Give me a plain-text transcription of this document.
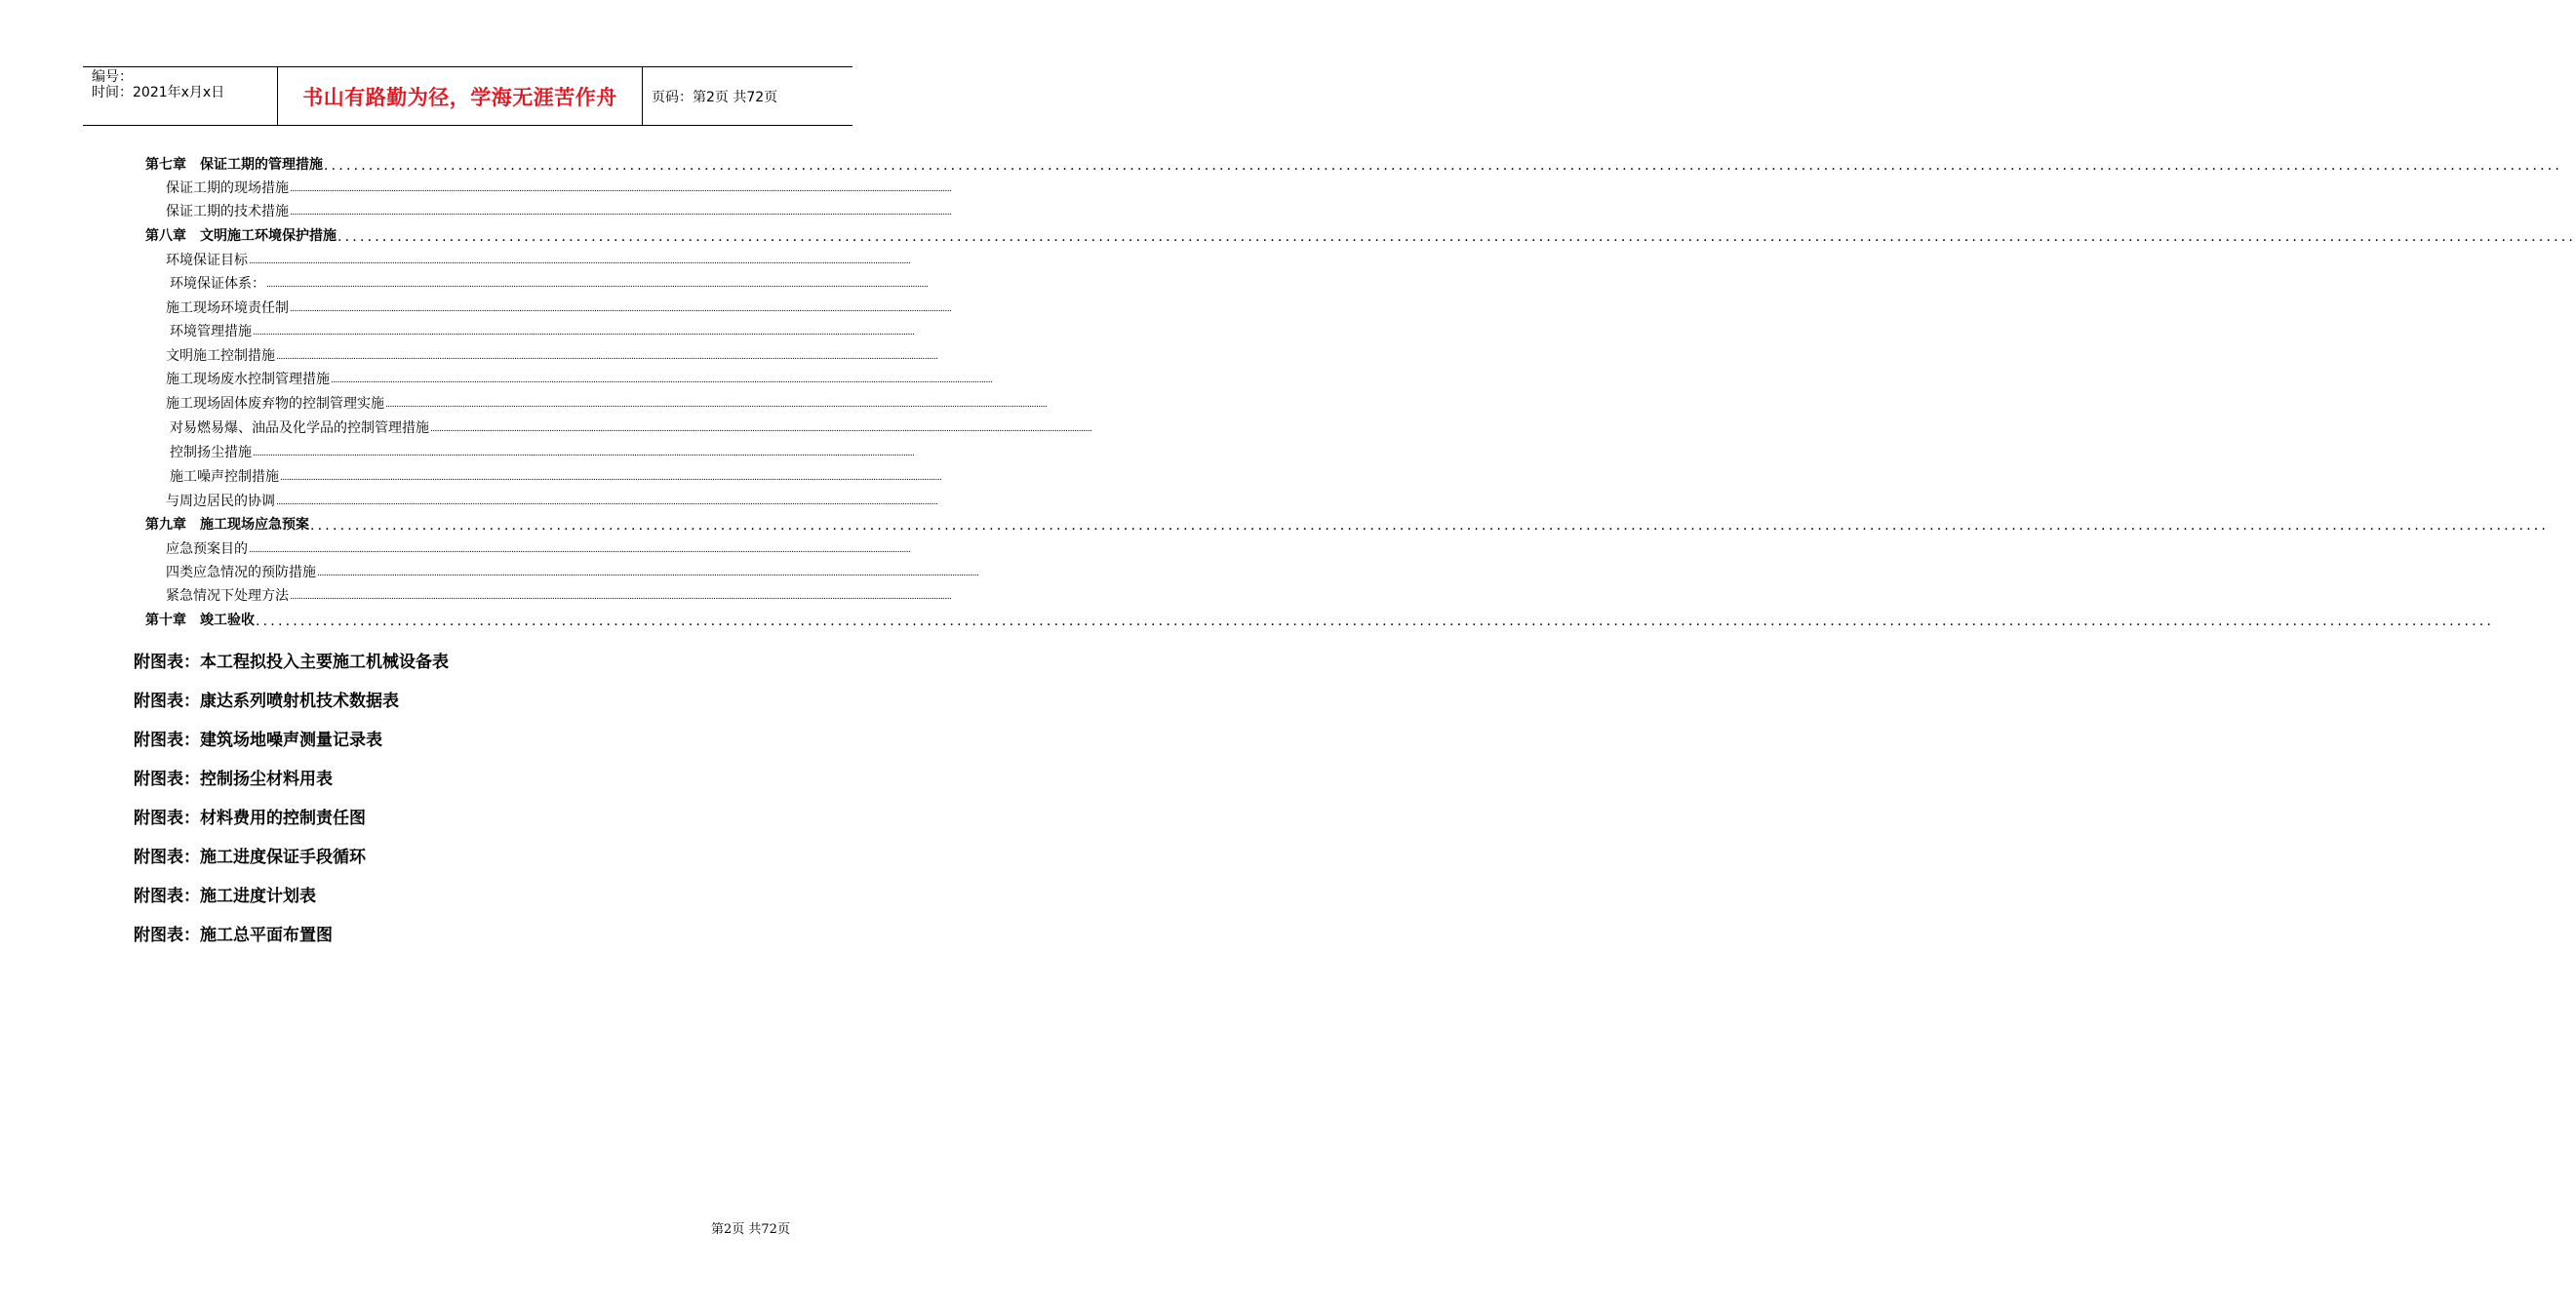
编号：
时间：2021年x月x日	书山有路勤为径，学海无涯苦作舟	页码：第2页 共72页
第七章　保证工期的管理措施 ............................................................................................................................................................................................................................................................................................................
保证工期的现场措施 ............................................................................................................................................................................................................................................................................................................
保证工期的技术措施 ............................................................................................................................................................................................................................................................................................................
第八章　文明施工环境保护措施 ............................................................................................................................................................................................................................................................................................................
环境保证目标 ............................................................................................................................................................................................................................................................................................................
环境保证体系： ............................................................................................................................................................................................................................................................................................................
施工现场环境责任制 ............................................................................................................................................................................................................................................................................................................
环境管理措施 ............................................................................................................................................................................................................................................................................................................
文明施工控制措施 ............................................................................................................................................................................................................................................................................................................
施工现场废水控制管理措施 ............................................................................................................................................................................................................................................................................................................
施工现场固体废弃物的控制管理实施 ............................................................................................................................................................................................................................................................................................................
对易燃易爆、油品及化学品的控制管理措施 ............................................................................................................................................................................................................................................................................................................
控制扬尘措施 ............................................................................................................................................................................................................................................................................................................
施工噪声控制措施 ............................................................................................................................................................................................................................................................................................................
与周边居民的协调 ............................................................................................................................................................................................................................................................................................................
第九章　施工现场应急预案 ............................................................................................................................................................................................................................................................................................................
应急预案目的 ............................................................................................................................................................................................................................................................................................................
四类应急情况的预防措施 ............................................................................................................................................................................................................................................................................................................
紧急情况下处理方法 ............................................................................................................................................................................................................................................................................................................
第十章　竣工验收 ............................................................................................................................................................................................................................................................................................................
附图表：本工程拟投入主要施工机械设备表
附图表：康达系列喷射机技术数据表
附图表：建筑场地噪声测量记录表
附图表：控制扬尘材料用表
附图表：材料费用的控制责任图
附图表：施工进度保证手段循环
附图表：施工进度计划表
附图表：施工总平面布置图
第2页 共72页
